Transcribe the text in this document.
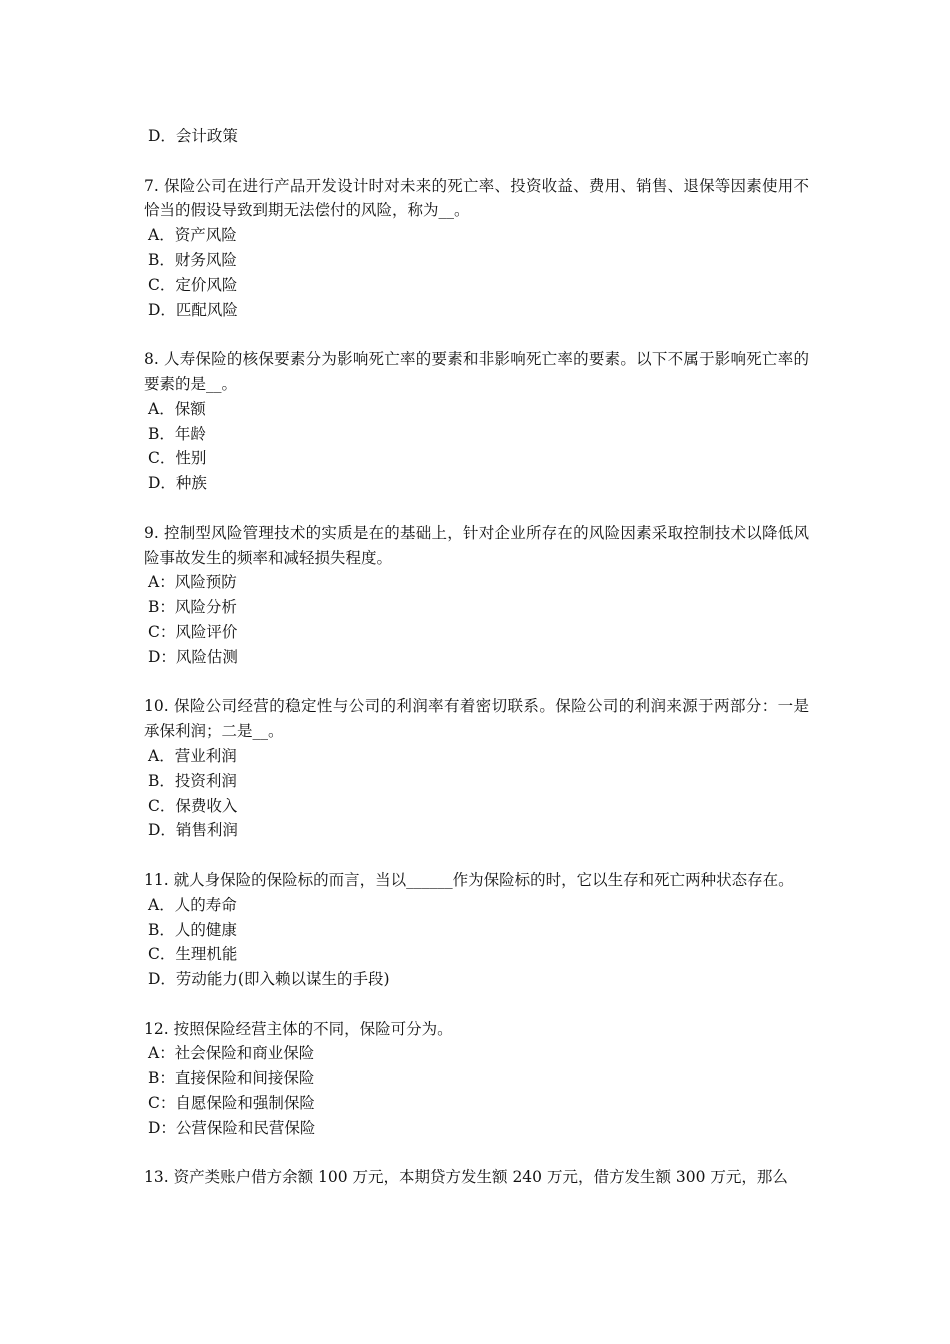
D．会计政策

7. 保险公司在进行产品开发设计时对未来的死亡率、投资收益、费用、销售、退保等因素使用不恰当的假设导致到期无法偿付的风险，称为__。

A．资产风险

B．财务风险

C．定价风险

D．匹配风险

8. 人寿保险的核保要素分为影响死亡率的要素和非影响死亡率的要素。以下不属于影响死亡率的要素的是__。

A．保额

B．年龄

C．性别

D．种族

9. 控制型风险管理技术的实质是在的基础上，针对企业所存在的风险因素采取控制技术以降低风险事故发生的频率和减轻损失程度。

A：风险预防

B：风险分析

C：风险评价

D：风险估测

10. 保险公司经营的稳定性与公司的利润率有着密切联系。保险公司的利润来源于两部分：一是承保利润；二是__。

A．营业利润

B．投资利润

C．保费收入

D．销售利润

11. 就人身保险的保险标的而言，当以______作为保险标的时，它以生存和死亡两种状态存在。

A．人的寿命

B．人的健康

C．生理机能

D．劳动能力(即入赖以谋生的手段)

12. 按照保险经营主体的不同，保险可分为。

A：社会保险和商业保险

B：直接保险和间接保险

C：自愿保险和强制保险

D：公营保险和民营保险

13. 资产类账户借方余额 100 万元，本期贷方发生额 240 万元，借方发生额 300 万元，那么
